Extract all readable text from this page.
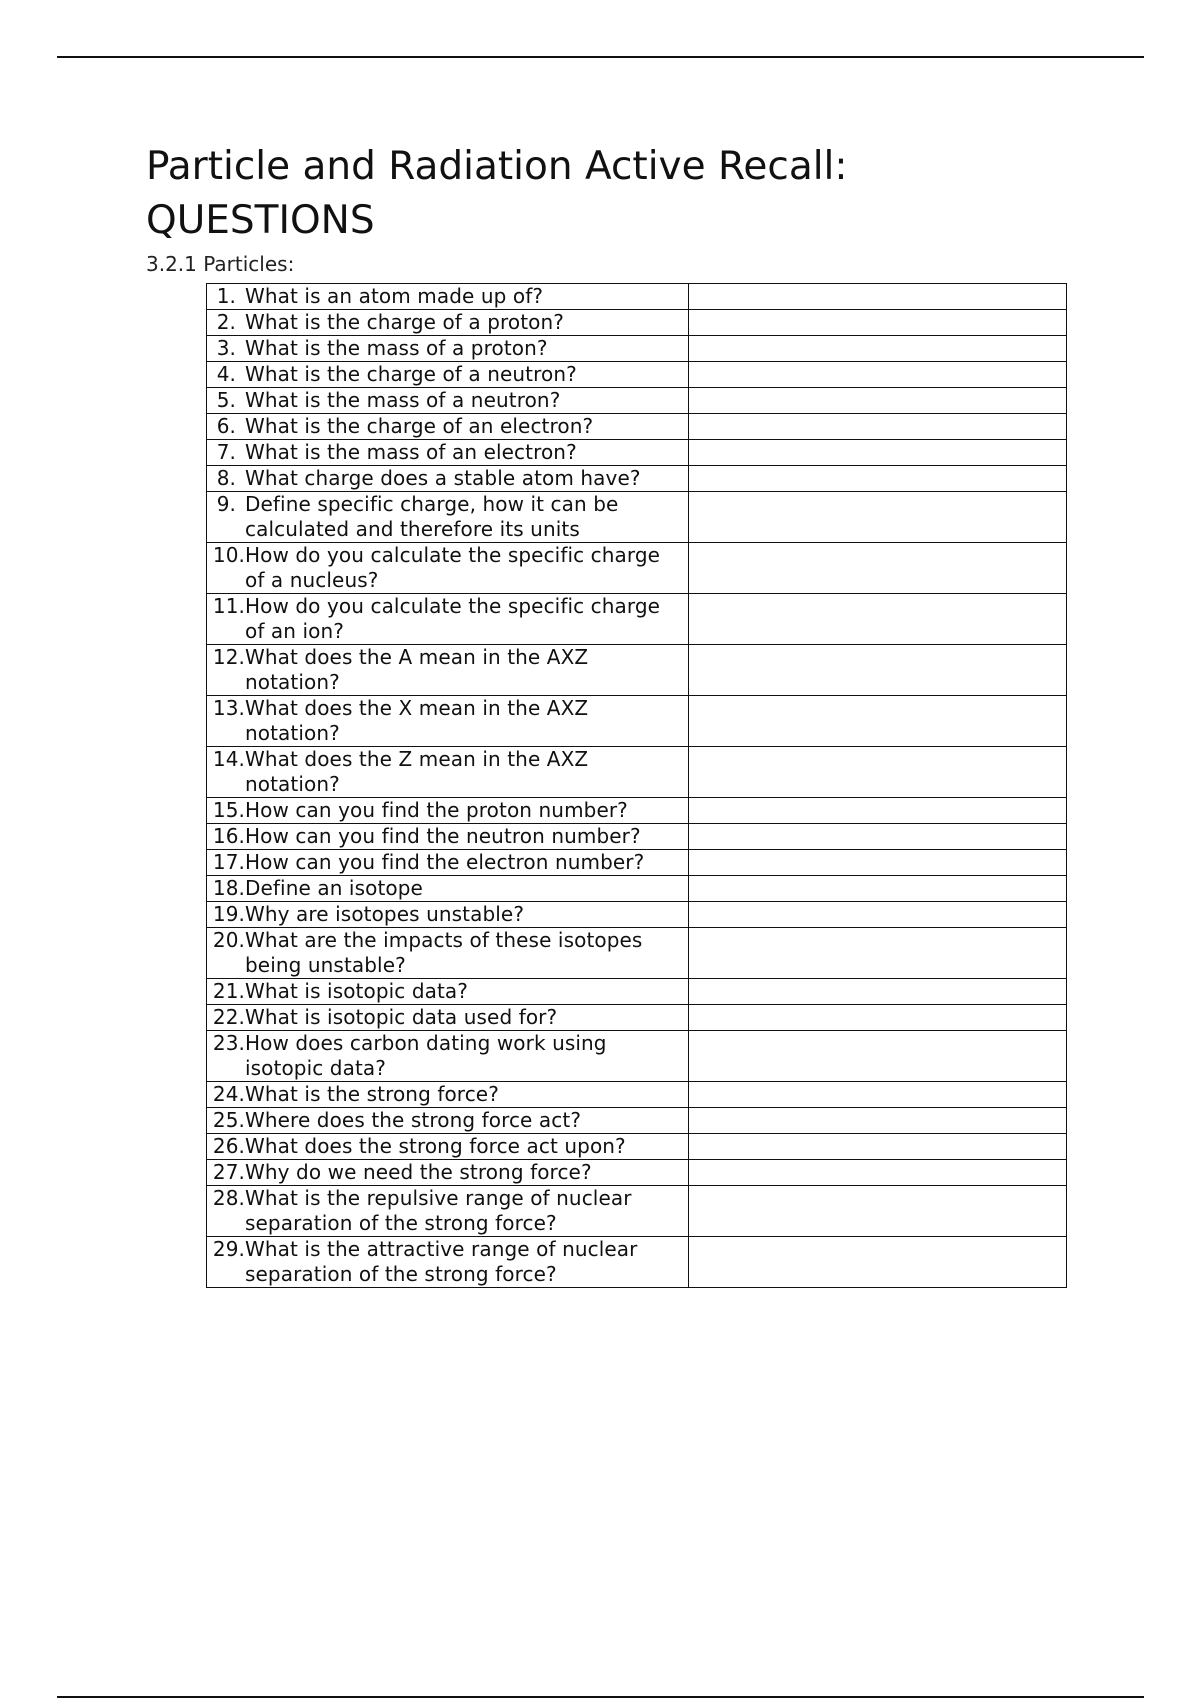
Particle and Radiation Active Recall: QUESTIONS
3.2.1 Particles:
1. What is an atom made up of?	

2. What is the charge of a proton?	

3. What is the mass of a proton?	

4. What is the charge of a neutron?	

5. What is the mass of a neutron?	

6. What is the charge of an electron?	

7. What is the mass of an electron?	

8. What charge does a stable atom have?	

9. Define specific charge, how it can be calculated and therefore its units	

10. How do you calculate the specific charge of a nucleus?	

11. How do you calculate the specific charge of an ion?	

12. What does the A mean in the AXZ notation?	

13. What does the X mean in the AXZ notation?	

14. What does the Z mean in the AXZ notation?	

15. How can you find the proton number?	

16. How can you find the neutron number?	

17. How can you find the electron number?	

18. Define an isotope	

19. Why are isotopes unstable?	

20. What are the impacts of these isotopes being unstable?	

21. What is isotopic data?	

22. What is isotopic data used for?	

23. How does carbon dating work using isotopic data?	

24. What is the strong force?	

25. Where does the strong force act?	

26. What does the strong force act upon?	

27. Why do we need the strong force?	

28. What is the repulsive range of nuclear separation of the strong force?	

29. What is the attractive range of nuclear separation of the strong force?	
